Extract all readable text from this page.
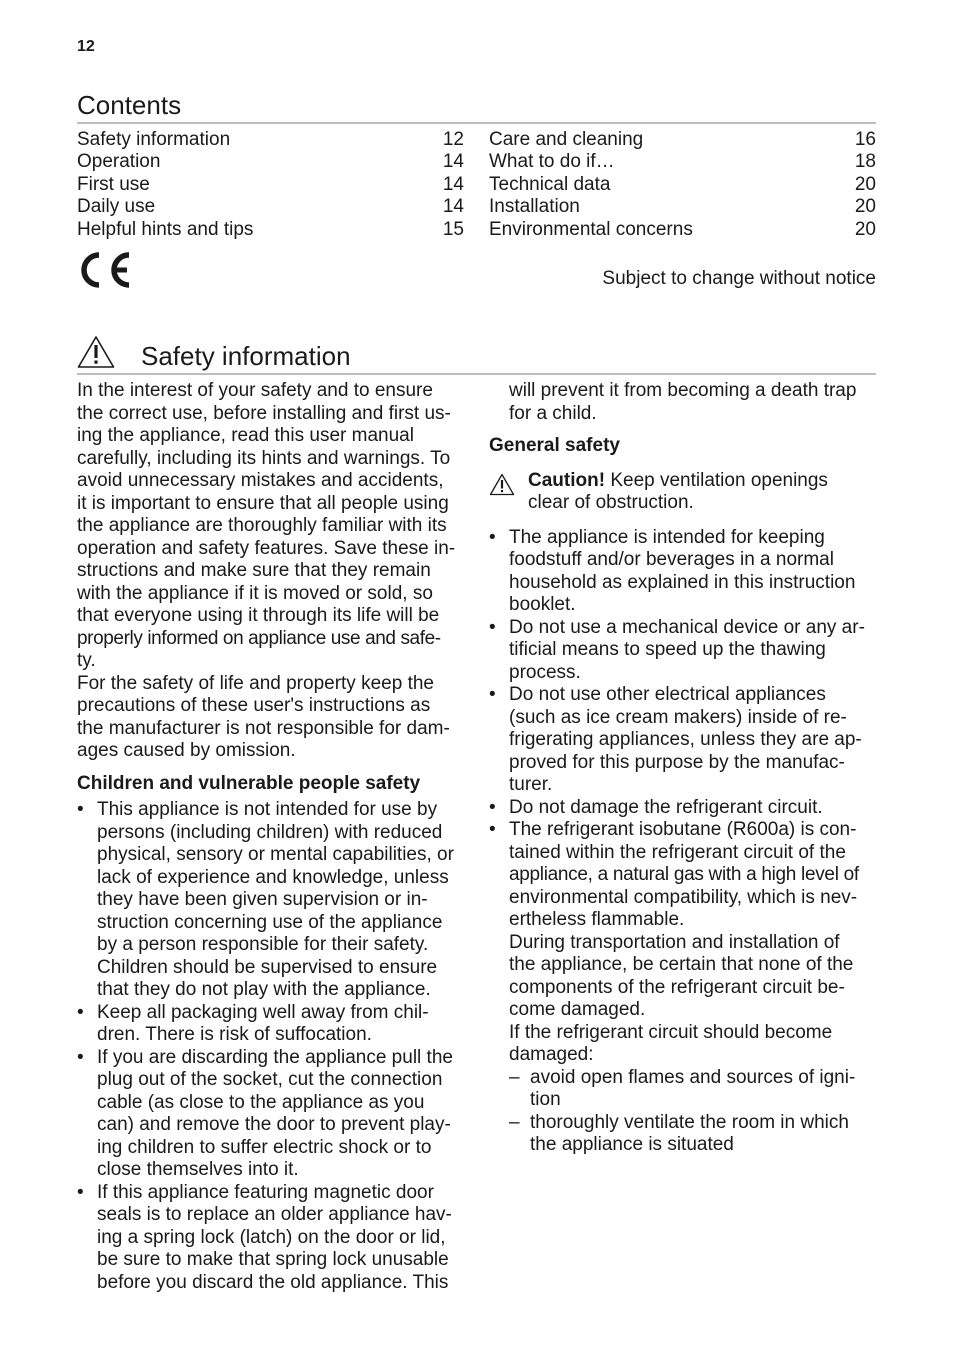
12
Contents
Safety information	12
Operation	14
First use	14
Daily use	14
Helpful hints and tips	15
Care and cleaning	16
What to do if…	18
Technical data	20
Installation	20
Environmental concerns	20
Subject to change without notice
Safety information

In the interest of your safety and to ensure
the correct use, before installing and first us-
ing the appliance, read this user manual
carefully, including its hints and warnings. To
avoid unnecessary mistakes and accidents,
it is important to ensure that all people using
the appliance are thoroughly familiar with its
operation and safety features. Save these in-
structions and make sure that they remain
with the appliance if it is moved or sold, so
that everyone using it through its life will be
properly informed on appliance use and safe-
ty.
For the safety of life and property keep the
precautions of these user's instructions as
the manufacturer is not responsible for dam-
ages caused by omission.

Children and vulnerable people safety
• This appliance is not intended for use by
persons (including children) with reduced
physical, sensory or mental capabilities, or
lack of experience and knowledge, unless
they have been given supervision or in-
struction concerning use of the appliance
by a person responsible for their safety.
Children should be supervised to ensure
that they do not play with the appliance.
• Keep all packaging well away from chil-
dren. There is risk of suffocation.
• If you are discarding the appliance pull the
plug out of the socket, cut the connection
cable (as close to the appliance as you
can) and remove the door to prevent play-
ing children to suffer electric shock or to
close themselves into it.
• If this appliance featuring magnetic door
seals is to replace an older appliance hav-
ing a spring lock (latch) on the door or lid,
be sure to make that spring lock unusable
before you discard the old appliance. This

will prevent it from becoming a death trap
for a child.

General safety
Caution! Keep ventilation openings
clear of obstruction.
• The appliance is intended for keeping
foodstuff and/or beverages in a normal
household as explained in this instruction
booklet.
• Do not use a mechanical device or any ar-
tificial means to speed up the thawing
process.
• Do not use other electrical appliances
(such as ice cream makers) inside of re-
frigerating appliances, unless they are ap-
proved for this purpose by the manufac-
turer.
• Do not damage the refrigerant circuit.
• The refrigerant isobutane (R600a) is con-
tained within the refrigerant circuit of the
appliance, a natural gas with a high level of
environmental compatibility, which is nev-
ertheless flammable.
During transportation and installation of
the appliance, be certain that none of the
components of the refrigerant circuit be-
come damaged.
If the refrigerant circuit should become
damaged:
– avoid open flames and sources of igni-
tion
– thoroughly ventilate the room in which
the appliance is situated
